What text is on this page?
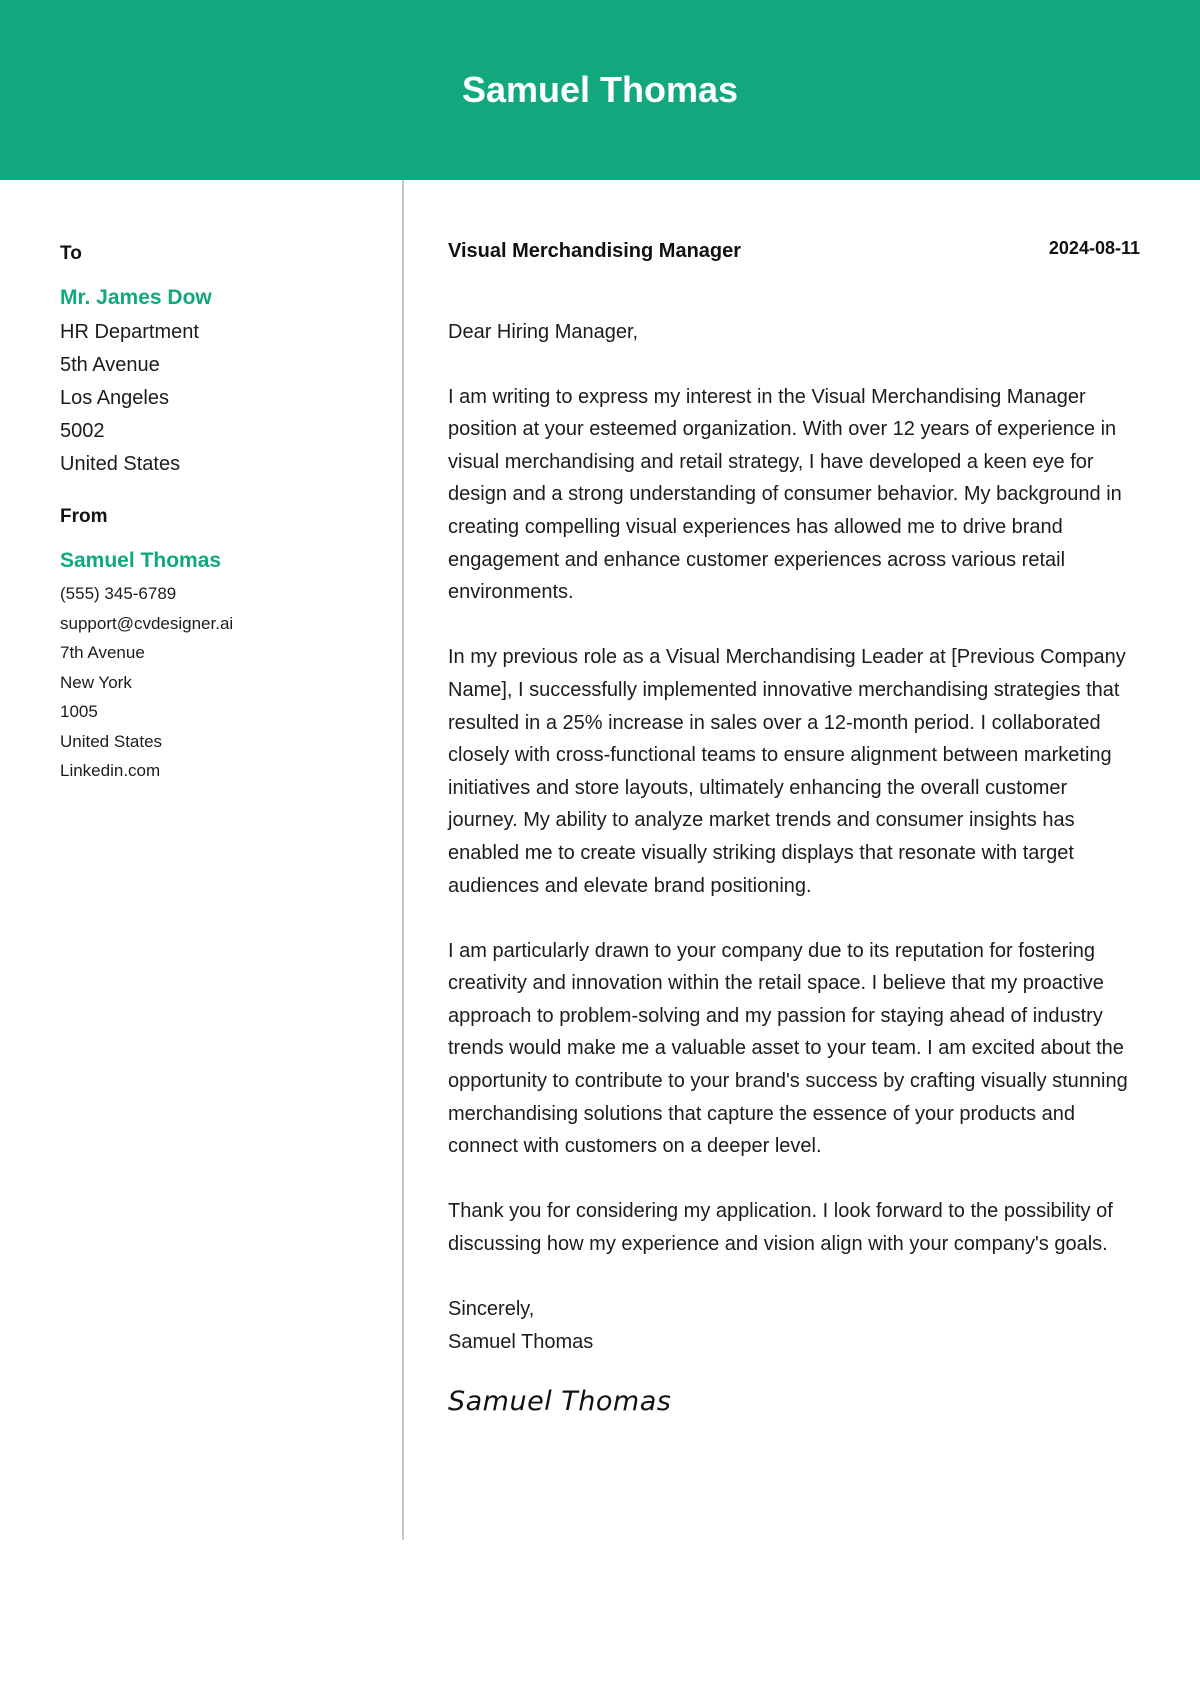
Samuel Thomas
To
Mr. James Dow
HR Department
5th Avenue
Los Angeles
5002
United States
From
Samuel Thomas
(555) 345-6789
support@cvdesigner.ai
7th Avenue
New York
1005
United States
Linkedin.com
Visual Merchandising Manager	2024-08-11

Dear Hiring Manager,

I am writing to express my interest in the Visual Merchandising Manager position at your esteemed organization. With over 12 years of experience in visual merchandising and retail strategy, I have developed a keen eye for design and a strong understanding of consumer behavior. My background in creating compelling visual experiences has allowed me to drive brand engagement and enhance customer experiences across various retail environments.

In my previous role as a Visual Merchandising Leader at [Previous Company Name], I successfully implemented innovative merchandising strategies that resulted in a 25% increase in sales over a 12-month period. I collaborated closely with cross-functional teams to ensure alignment between marketing initiatives and store layouts, ultimately enhancing the overall customer journey. My ability to analyze market trends and consumer insights has enabled me to create visually striking displays that resonate with target audiences and elevate brand positioning.

I am particularly drawn to your company due to its reputation for fostering creativity and innovation within the retail space. I believe that my proactive approach to problem-solving and my passion for staying ahead of industry trends would make me a valuable asset to your team. I am excited about the opportunity to contribute to your brand's success by crafting visually stunning merchandising solutions that capture the essence of your products and connect with customers on a deeper level.

Thank you for considering my application. I look forward to the possibility of discussing how my experience and vision align with your company's goals.

Sincerely,

Samuel Thomas

Samuel Thomas
